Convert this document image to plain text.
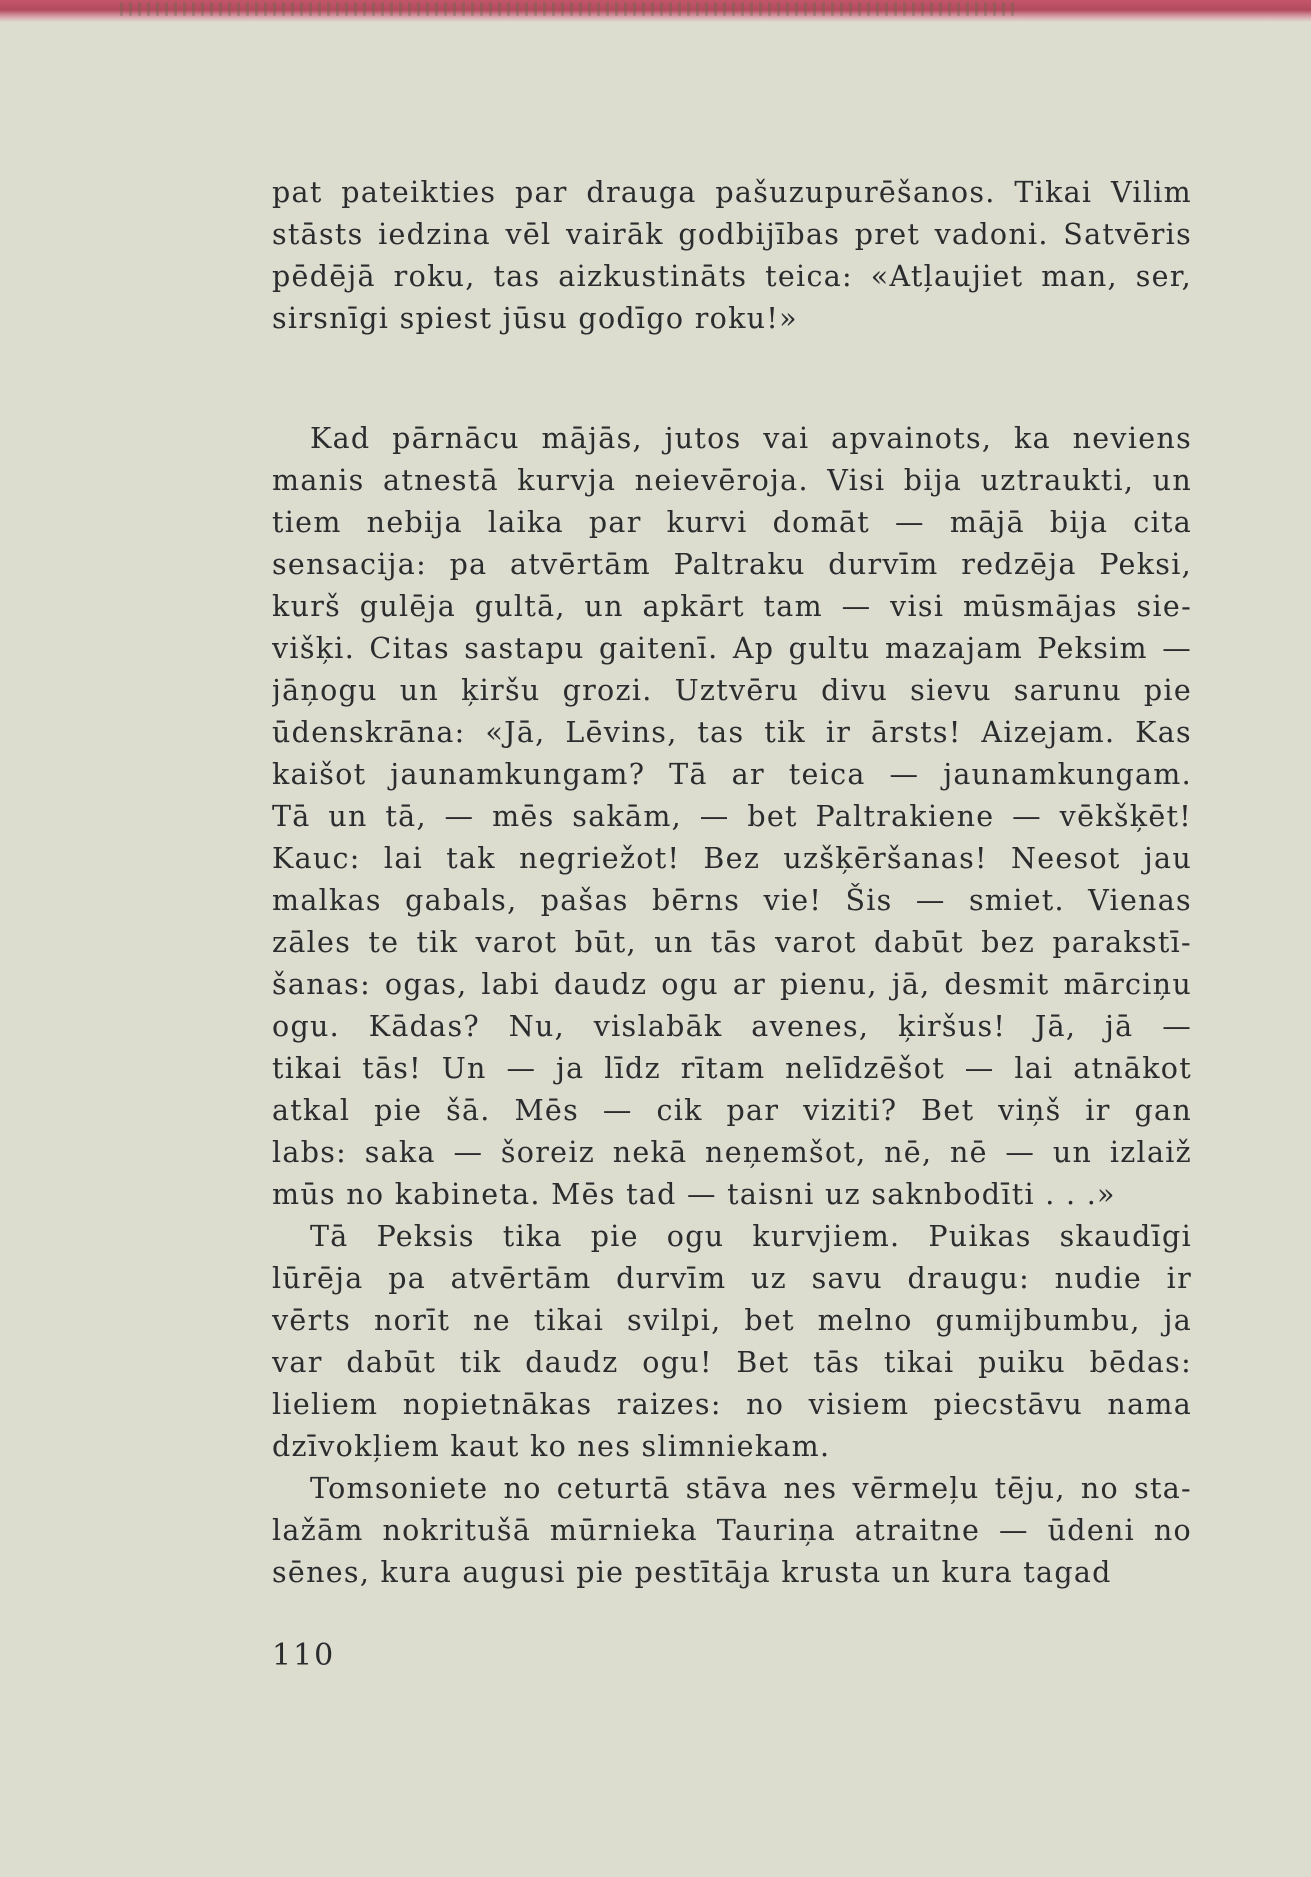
pat pateikties par drauga pašuzupurēšanos. Tikai Vilim
stāsts iedzina vēl vairāk godbijības pret vadoni. Satvēris
pēdējā roku, tas aizkustināts teica: «Atļaujiet man, ser,
sirsnīgi spiest jūsu godīgo roku!»
Kad pārnācu mājās, jutos vai apvainots, ka neviens
manis atnestā kurvja neievēroja. Visi bija uztraukti, un
tiem nebija laika par kurvi domāt — mājā bija cita
sensacija: pa atvērtām Paltraku durvīm redzēja Peksi,
kurš gulēja gultā, un apkārt tam — visi mūsmājas sie-
višķi. Citas sastapu gaitenī. Ap gultu mazajam Peksim —
jāņogu un ķiršu grozi. Uztvēru divu sievu sarunu pie
ūdenskrāna: «Jā, Lēvins, tas tik ir ārsts! Aizejam. Kas
kaišot jaunamkungam? Tā ar teica — jaunamkungam.
Tā un tā, — mēs sakām, — bet Paltrakiene — vēkšķēt!
Kauc: lai tak negriežot! Bez uzšķēršanas! Neesot jau
malkas gabals, pašas bērns vie! Šis — smiet. Vienas
zāles te tik varot būt, un tās varot dabūt bez parakstī-
šanas: ogas, labi daudz ogu ar pienu, jā, desmit mārciņu
ogu. Kādas? Nu, vislabāk avenes, ķiršus! Jā, jā —
tikai tās! Un — ja līdz rītam nelīdzēšot — lai atnākot
atkal pie šā. Mēs — cik par viziti? Bet viņš ir gan
labs: saka — šoreiz nekā neņemšot, nē, nē — un izlaiž
mūs no kabineta. Mēs tad — taisni uz saknbodīti . . .»
Tā Peksis tika pie ogu kurvjiem. Puikas skaudīgi
lūrēja pa atvērtām durvīm uz savu draugu: nudie ir
vērts norīt ne tikai svilpi, bet melno gumijbumbu, ja
var dabūt tik daudz ogu! Bet tās tikai puiku bēdas:
lieliem nopietnākas raizes: no visiem piecstāvu nama
dzīvokļiem kaut ko nes slimniekam.
Tomsoniete no ceturtā stāva nes vērmeļu tēju, no sta-
lažām nokritušā mūrnieka Tauriņa atraitne — ūdeni no
sēnes, kura augusi pie pestītāja krusta un kura tagad
110
